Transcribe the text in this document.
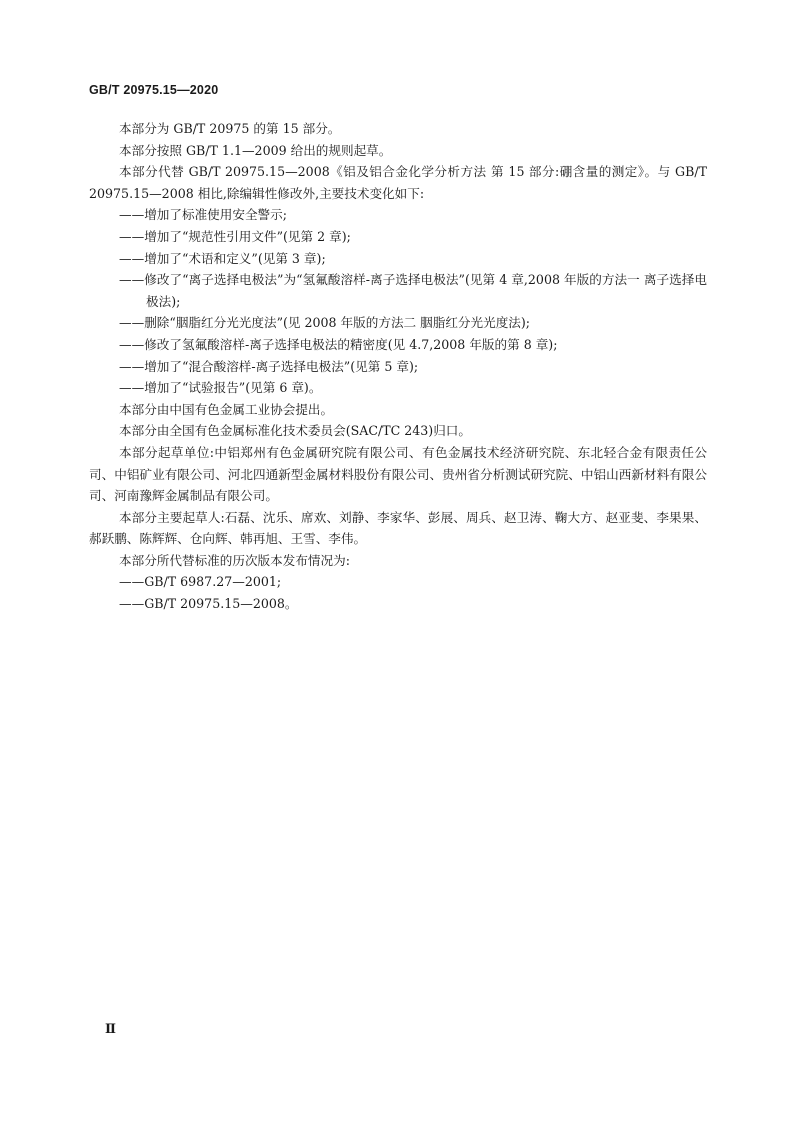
GB/T 20975.15—2020

本部分为 GB/T 20975 的第 15 部分。

本部分按照 GB/T 1.1—2009 给出的规则起草。

本部分代替 GB/T 20975.15—2008《铝及铝合金化学分析方法 第 15 部分:硼含量的测定》。与 GB/T 20975.15—2008 相比,除编辑性修改外,主要技术变化如下:

——增加了标准使用安全警示;

——增加了“规范性引用文件”(见第 2 章);

——增加了“术语和定义”(见第 3 章);

——修改了“离子选择电极法”为“氢氟酸溶样-离子选择电极法”(见第 4 章,2008 年版的方法一 离子选择电极法);

——删除“胭脂红分光光度法”(见 2008 年版的方法二 胭脂红分光光度法);

——修改了氢氟酸溶样-离子选择电极法的精密度(见 4.7,2008 年版的第 8 章);

——增加了“混合酸溶样-离子选择电极法”(见第 5 章);

——增加了“试验报告”(见第 6 章)。

本部分由中国有色金属工业协会提出。

本部分由全国有色金属标准化技术委员会(SAC/TC 243)归口。

本部分起草单位:中铝郑州有色金属研究院有限公司、有色金属技术经济研究院、东北轻合金有限责任公司、中铝矿业有限公司、河北四通新型金属材料股份有限公司、贵州省分析测试研究院、中铝山西新材料有限公司、河南豫辉金属制品有限公司。

本部分主要起草人:石磊、沈乐、席欢、刘静、李家华、彭展、周兵、赵卫涛、鞠大方、赵亚斐、李果果、郝跃鹏、陈辉辉、仓向辉、韩再旭、王雪、李伟。

本部分所代替标准的历次版本发布情况为:

——GB/T 6987.27—2001;

——GB/T 20975.15—2008。

Ⅱ
